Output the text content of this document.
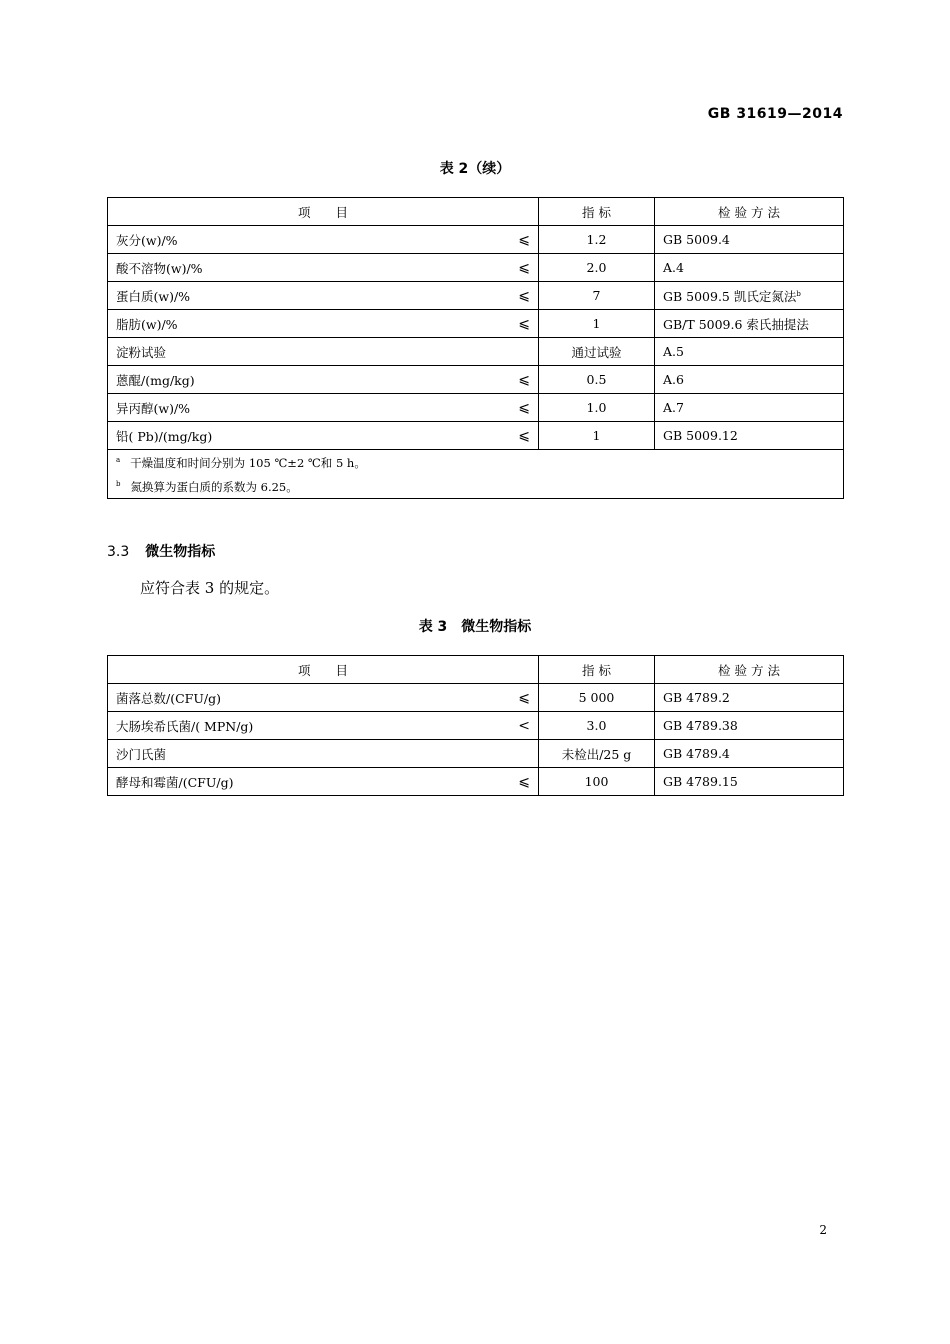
GB 31619—2014
表 2（续）
项　　目	指 标	检 验 方 法
灰分(w)/% ⩽	1.2	GB 5009.4
酸不溶物(w)/% ⩽	2.0	A.4
蛋白质(w)/% ⩽	7	GB 5009.5 凯氏定氮法$^b$
脂肪(w)/% ⩽	1	GB/T 5009.6 索氏抽提法
淀粉试验	通过试验	A.5
蒽醌/(mg/kg) ⩽	0.5	A.6
异丙醇(w)/% ⩽	1.0	A.7
铅( Pb)/(mg/kg) ⩽	1	GB 5009.12

$^a$ 干燥温度和时间分别为 105 ℃±2 ℃和 5 h。
$^b$ 氮换算为蛋白质的系数为 6.25。		
3.3 微生物指标
应符合表 3 的规定。
表 3　微生物指标
项　　目	指 标	检 验 方 法
菌落总数/(CFU/g) ⩽	5 000	GB 4789.2
大肠埃希氏菌/( MPN/g) <	3.0	GB 4789.38
沙门氏菌	未检出/25 g	GB 4789.4
酵母和霉菌/(CFU/g) ⩽	100	GB 4789.15
2
